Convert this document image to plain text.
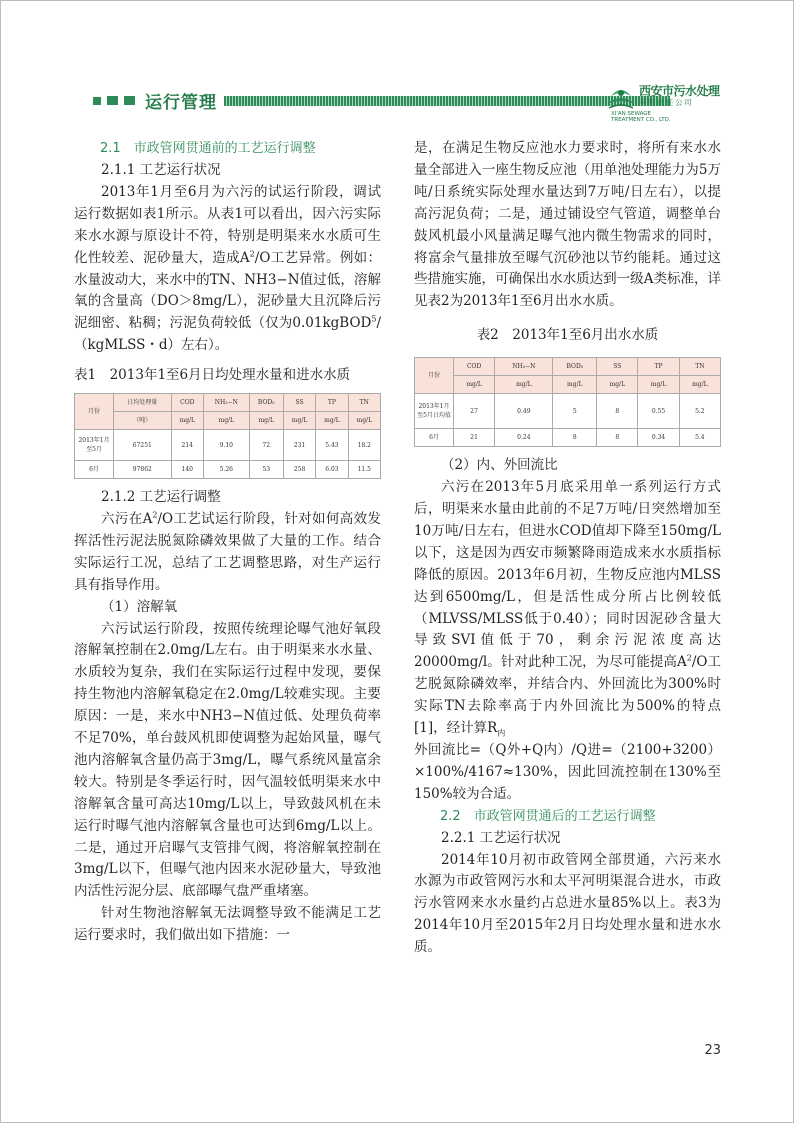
运行管理
西安市污水处理
有限责任公司
XI'AN SEWAGE
TREATMENT CO., LTD.
2.1　市政管网贯通前的工艺运行调整

2.1.1 工艺运行状况

2013年1月至6月为六污的试运行阶段，调试运行数据如表1所示。从表1可以看出，因六污实际来水水源与原设计不符，特别是明渠来水水质可生化性较差、泥砂量大，造成$A^2/O$工艺异常。例如：水量波动大，来水中的TN、NH3−N值过低，溶解氧的含量高（DO＞8mg/L），泥砂量大且沉降后污泥细密、粘稠；污泥负荷较低（仅为0.01kgBOD$^5$/（kgMLSS・d）左右）。

表1　2013年1至6月日均处理水量和进水水质

月份	日均处理量	COD	NH₃−N	BOD₅	SS	TP	TN
	（吨）	mg/L	mg/L	mg/L	mg/L	mg/L	mg/L
2013年1月至5月	67251	214	9.10	72	231	5.43	18.2
6月	97862	140	5.26	53	258	6.03	11.5

2.1.2 工艺运行调整

六污在$A^2/O$工艺试运行阶段，针对如何高效发挥活性污泥法脱氮除磷效果做了大量的工作。结合实际运行工况，总结了工艺调整思路，对生产运行具有指导作用。

（1）溶解氧

六污试运行阶段，按照传统理论曝气池好氧段溶解氧控制在2.0mg/L左右。由于明渠来水水量、水质较为复杂，我们在实际运行过程中发现，要保持生物池内溶解氧稳定在2.0mg/L较难实现。主要原因：一是，来水中NH3−N值过低、处理负荷率不足70%，单台鼓风机即使调整为起始风量，曝气池内溶解氧含量仍高于3mg/L，曝气系统风量富余较大。特别是冬季运行时，因气温较低明渠来水中溶解氧含量可高达10mg/L以上，导致鼓风机在未运行时曝气池内溶解氧含量也可达到6mg/L以上。二是，通过开启曝气支管排气阀，将溶解氧控制在3mg/L以下，但曝气池内因来水泥砂量大，导致池内活性污泥分层、底部曝气盘严重堵塞。

针对生物池溶解氧无法调整导致不能满足工艺运行要求时，我们做出如下措施：一

是，在满足生物反应池水力要求时，将所有来水水量全部进入一座生物反应池（用单池处理能力为5万吨/日系统实际处理水量达到7万吨/日左右），以提高污泥负荷；二是，通过铺设空气管道，调整单台鼓风机最小风量满足曝气池内微生物需求的同时，将富余气量排放至曝气沉砂池以节约能耗。通过这些措施实施，可确保出水水质达到一级A类标准，详见表2为2013年1至6月出水水质。

表2　2013年1至6月出水水质

月份	COD	NH₃−N	BOD₅	SS	TP	TN
	mg/L	mg/L	mg/L	mg/L	mg/L	mg/L
2013年1月至5月日均值	27	0.49	5	8	0.55	5.2
6月	21	0.24	8	8	0.34	5.4

（2）内、外回流比

六污在2013年5月底采用单一系列运行方式后，明渠来水量由此前的不足7万吨/日突然增加至10万吨/日左右，但进水COD值却下降至150mg/L以下，这是因为西安市频繁降雨造成来水水质指标降低的原因。2013年6月初，生物反应池内MLSS达到6500mg/L，但是活性成分所占比例较低（MLVSS/MLSS低于0.40）；同时因泥砂含量大导致SVI值低于70，剩余污泥浓度高达20000mg/l。针对此种工况，为尽可能提高$A^2/O$工艺脱氮除磷效率，并结合内、外回流比为300%时实际TN去除率高于内外回流比为500%的特点[1]，经计算$R_内$

外回流比=（Q外+Q内）/Q进=（2100+3200）×100%/4167≈130%，因此回流控制在130%至150%较为合适。

2.2　市政管网贯通后的工艺运行调整

2.2.1 工艺运行状况

2014年10月初市政管网全部贯通，六污来水水源为市政管网污水和太平河明渠混合进水，市政污水管网来水水量约占总进水量85%以上。表3为2014年10月至2015年2月日均处理水量和进水水质。

23
